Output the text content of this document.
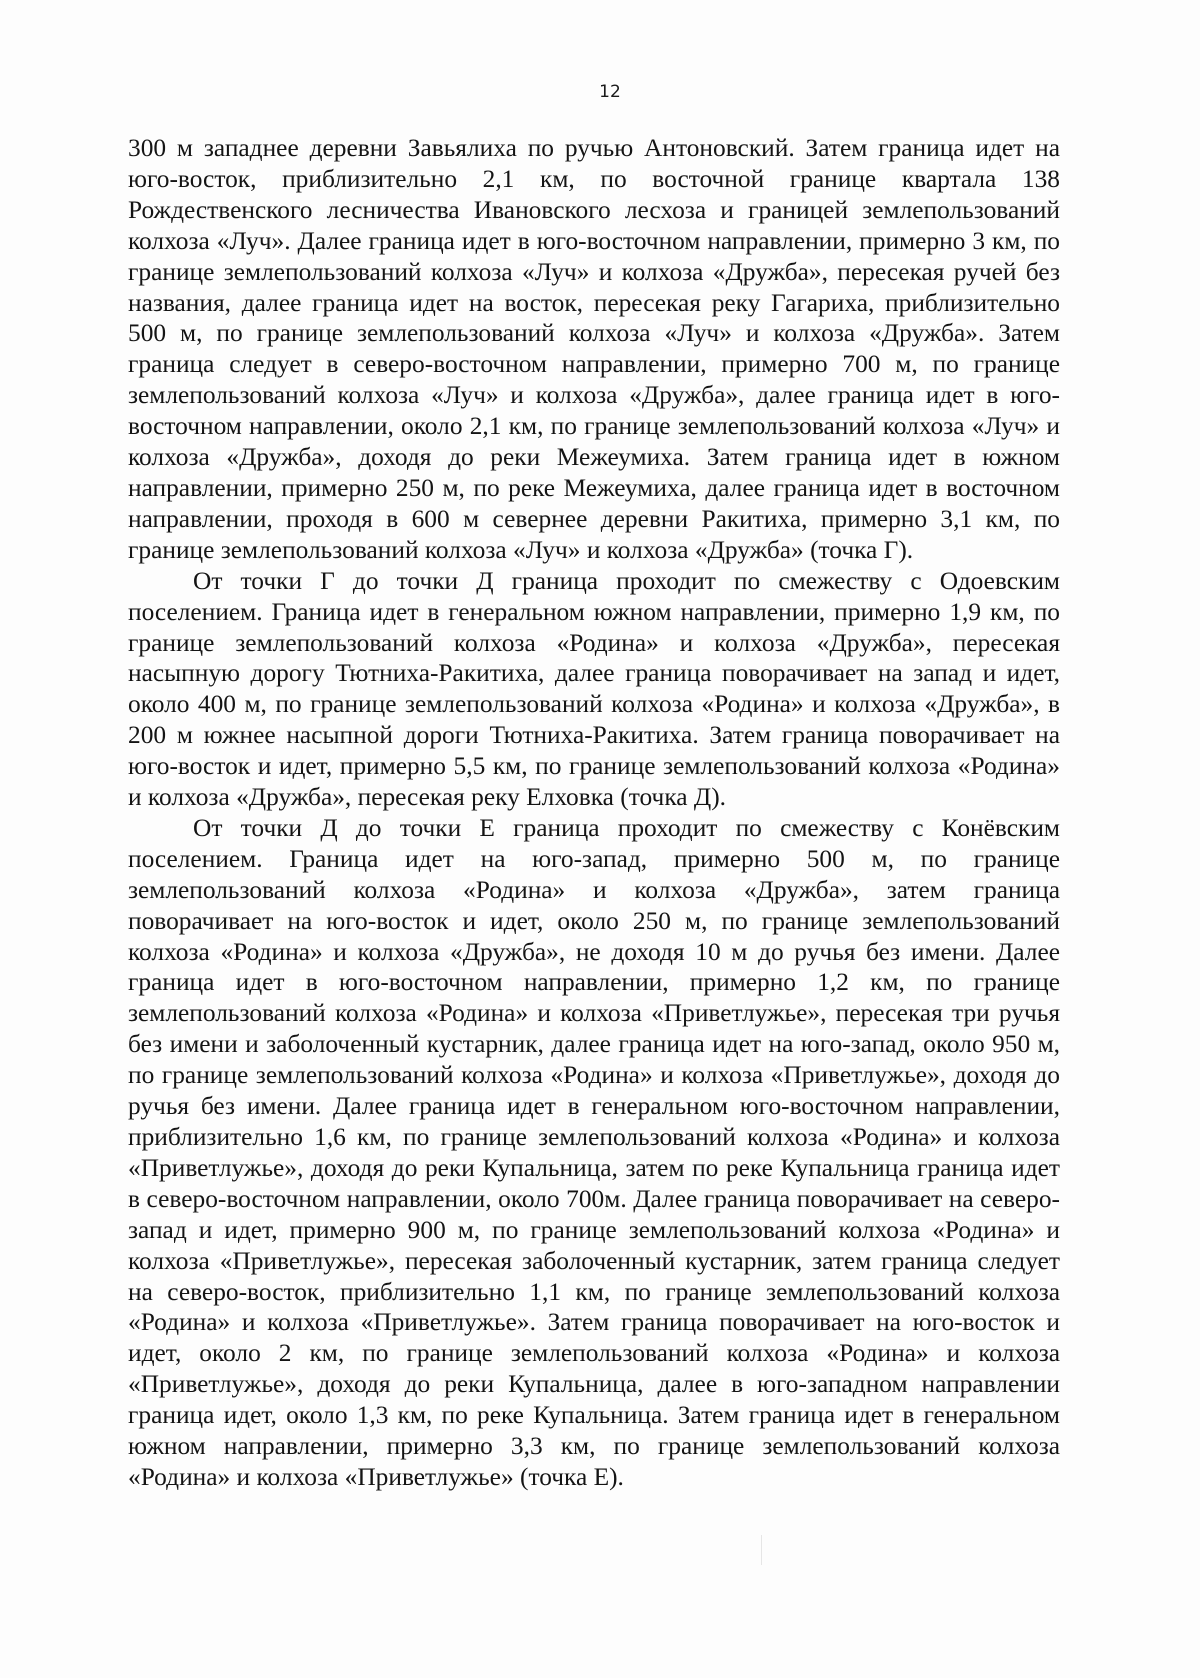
12

300 м западнее деревни Завьялиха по ручью Антоновский. Затем граница идет на юго-восток, приблизительно 2,1 км, по восточной границе квартала 138 Рождественского лесничества Ивановского лесхоза и границей землепользований колхоза «Луч». Далее граница идет в юго-восточном направлении, примерно 3 км, по границе землепользований колхоза «Луч» и колхоза «Дружба», пересекая ручей без названия, далее граница идет на восток, пересекая реку Гагариха, приблизительно 500 м, по границе землепользований колхоза «Луч» и колхоза «Дружба». Затем граница следует в северо-восточном направлении, примерно 700 м, по границе землепользований колхоза «Луч» и колхоза «Дружба», далее граница идет в юго-восточном направлении, около 2,1 км, по границе землепользований колхоза «Луч» и колхоза «Дружба», доходя до реки Межеумиха. Затем граница идет в южном направлении, примерно 250 м, по реке Межеумиха, далее граница идет в восточном направлении, проходя в 600 м севернее деревни Ракитиха, примерно 3,1 км, по границе землепользований колхоза «Луч» и колхоза «Дружба» (точка Г).

От точки Г до точки Д граница проходит по смежеству с Одоевским поселением. Граница идет в генеральном южном направлении, примерно 1,9 км, по границе землепользований колхоза «Родина» и колхоза «Дружба», пересекая насыпную дорогу Тютниха-Ракитиха, далее граница поворачивает на запад и идет, около 400 м, по границе землепользований колхоза «Родина» и колхоза «Дружба», в 200 м южнее насыпной дороги Тютниха-Ракитиха. Затем граница поворачивает на юго-восток и идет, примерно 5,5 км, по границе землепользований колхоза «Родина» и колхоза «Дружба», пересекая реку Елховка (точка Д).

От точки Д до точки Е граница проходит по смежеству с Конёвским поселением. Граница идет на юго-запад, примерно 500 м, по границе землепользований колхоза «Родина» и колхоза «Дружба», затем граница поворачивает на юго-восток и идет, около 250 м, по границе землепользований колхоза «Родина» и колхоза «Дружба», не доходя 10 м до ручья без имени. Далее граница идет в юго-восточном направлении, примерно 1,2 км, по границе землепользований колхоза «Родина» и колхоза «Приветлужье», пересекая три ручья без имени и заболоченный кустарник, далее граница идет на юго-запад, около 950 м, по границе землепользований колхоза «Родина» и колхоза «Приветлужье», доходя до ручья без имени. Далее граница идет в генеральном юго-восточном направлении, приблизительно 1,6 км, по границе землепользований колхоза «Родина» и колхоза «Приветлужье», доходя до реки Купальница, затем по реке Купальница граница идет в северо-восточном направлении, около 700м. Далее граница поворачивает на северо-запад и идет, примерно 900 м, по границе землепользований колхоза «Родина» и колхоза «Приветлужье», пересекая заболоченный кустарник, затем граница следует на северо-восток, приблизительно 1,1 км, по границе землепользований колхоза «Родина» и колхоза «Приветлужье». Затем граница поворачивает на юго-восток и идет, около 2 км, по границе землепользований колхоза «Родина» и колхоза «Приветлужье», доходя до реки Купальница, далее в юго-западном направлении граница идет, около 1,3 км, по реке Купальница. Затем граница идет в генеральном южном направлении, примерно 3,3 км, по границе землепользований колхоза «Родина» и колхоза «Приветлужье» (точка Е).
